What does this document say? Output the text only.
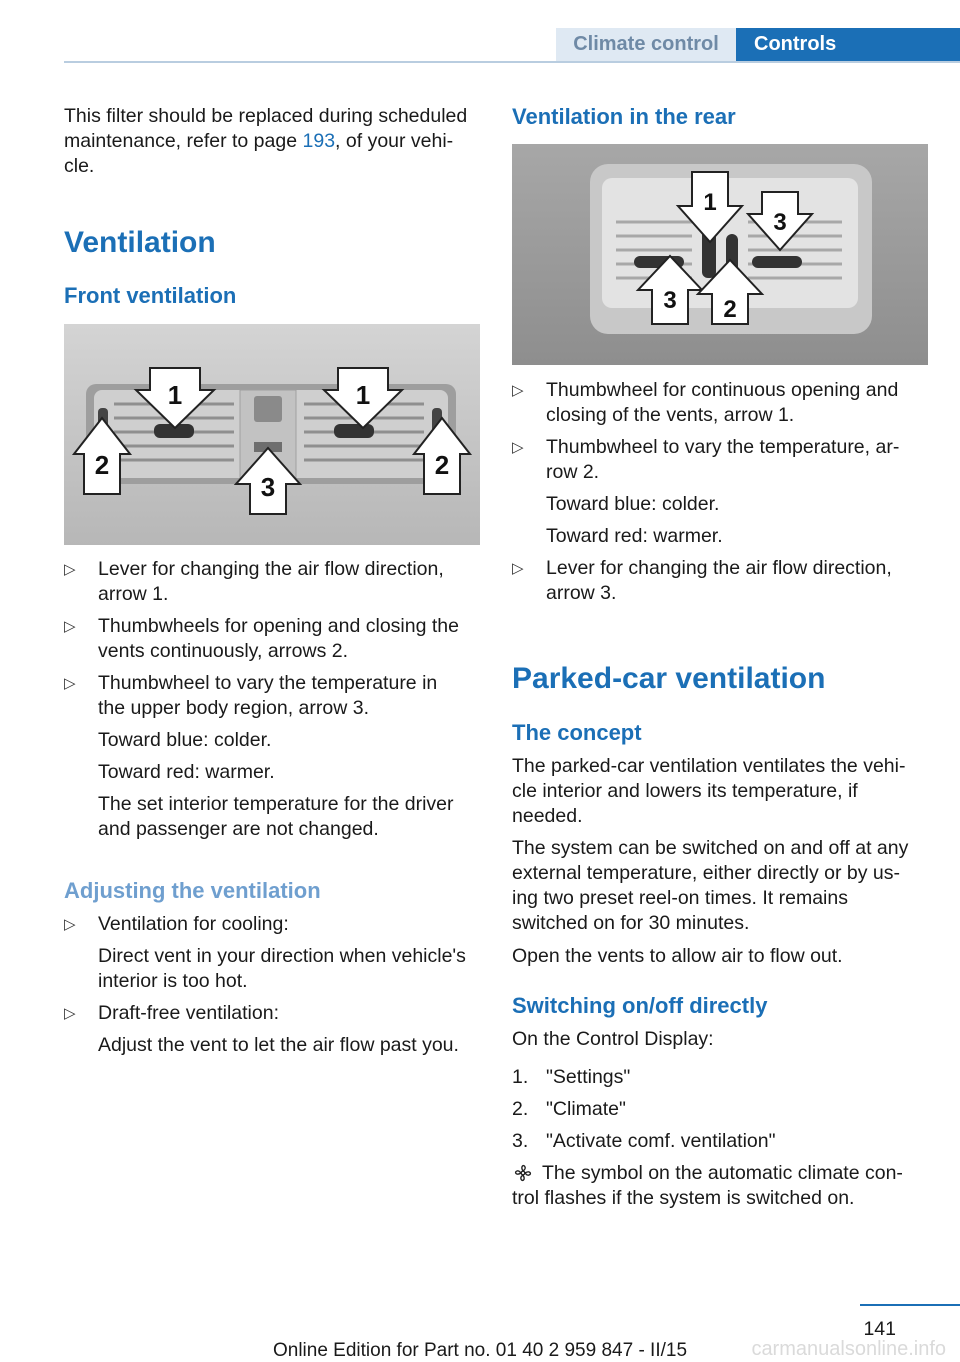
Climate control	Controls

This filter should be replaced during scheduled

maintenance, refer to page 193, of your vehi-

cle.

Ventilation
Front ventilation
1	1
2	2
3
▷ Lever for changing the air flow direction,

arrow 1.

▷ Thumbwheels for opening and closing the

vents continuously, arrows 2.

▷ Thumbwheel to vary the temperature in

the upper body region, arrow 3.

Toward blue: colder.

Toward red: warmer.

The set interior temperature for the driver

and passenger are not changed.

Adjusting the ventilation
▷ Ventilation for cooling:

Direct vent in your direction when vehicle's

interior is too hot.

▷ Draft-free ventilation:

Adjust the vent to let the air flow past you.

Ventilation in the rear
1
2
3
3
▷ Thumbwheel for continuous opening and

closing of the vents, arrow 1.

▷ Thumbwheel to vary the temperature, ar-

row 2.

Toward blue: colder.

Toward red: warmer.

▷ Lever for changing the air flow direction,

arrow 3.

Parked-car ventilation
The concept

The parked-car ventilation ventilates the vehi-

cle interior and lowers its temperature, if

needed.

The system can be switched on and off at any

external temperature, either directly or by us-

ing two preset reel-on times. It remains

switched on for 30 minutes.

Open the vents to allow air to flow out.

Switching on/off directly

On the Control Display:

1. "Settings"

2. "Climate"

3. "Activate comf. ventilation"

The symbol on the automatic climate con-

trol flashes if the system is switched on.

141
Online Edition for Part no. 01 40 2 959 847 - II/15	carmanualsonline.info
